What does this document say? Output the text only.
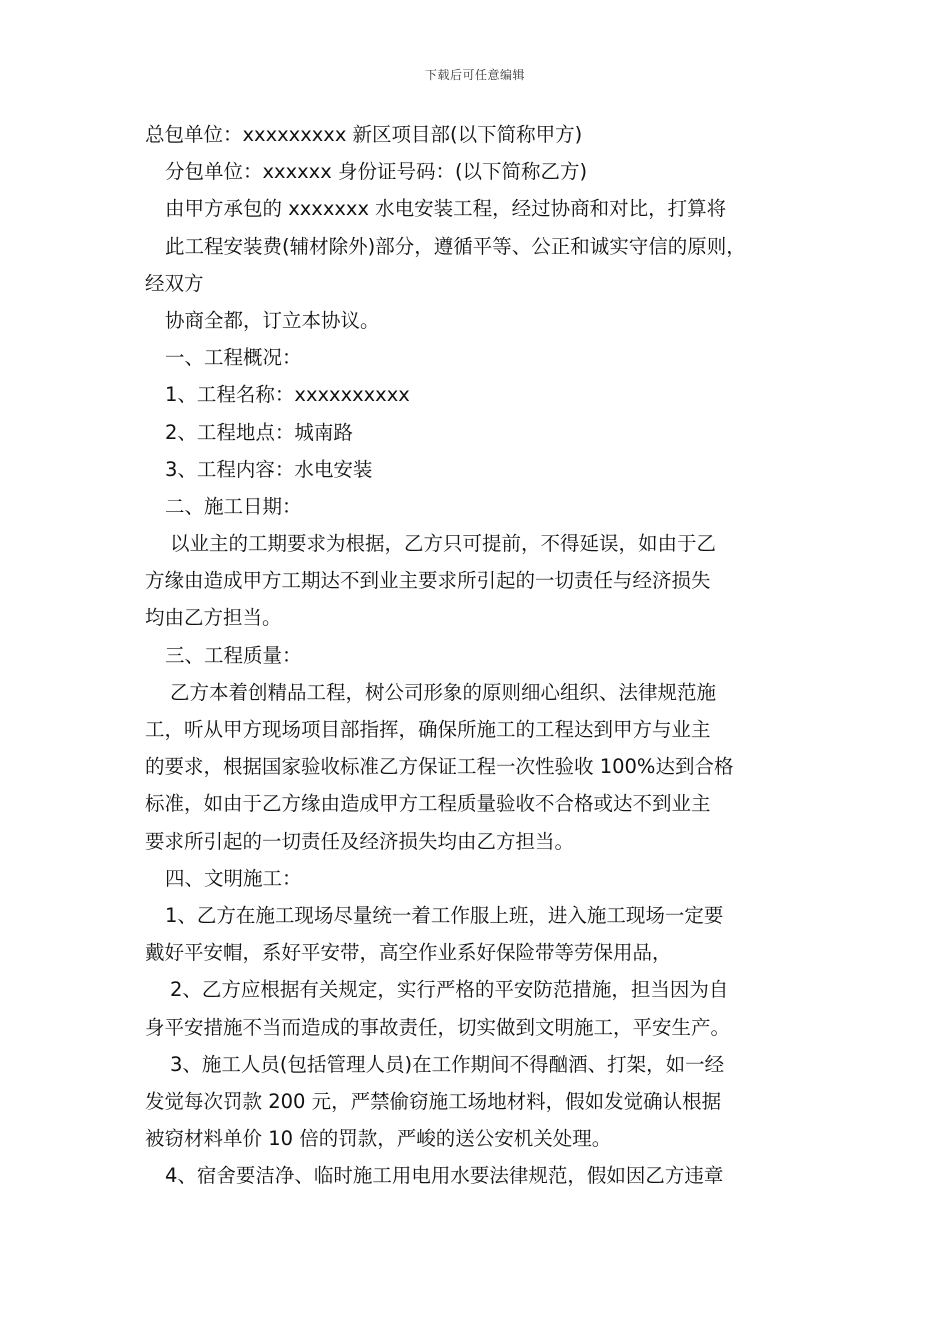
下载后可任意编辑
总包单位：xxxxxxxxx 新区项目部(以下简称甲方)
分包单位：xxxxxx 身份证号码：(以下简称乙方)
由甲方承包的 xxxxxxx 水电安装工程，经过协商和对比，打算将
此工程安装费(辅材除外)部分，遵循平等、公正和诚实守信的原则，
经双方
协商全都，订立本协议。
一、工程概况：
1、工程名称：xxxxxxxxxx
2、工程地点：城南路
3、工程内容：水电安装
二、施工日期：
以业主的工期要求为根据，乙方只可提前，不得延误，如由于乙
方缘由造成甲方工期达不到业主要求所引起的一切责任与经济损失
均由乙方担当。
三、工程质量：
乙方本着创精品工程，树公司形象的原则细心组织、法律规范施
工，听从甲方现场项目部指挥，确保所施工的工程达到甲方与业主
的要求，根据国家验收标准乙方保证工程一次性验收 100%达到合格
标准，如由于乙方缘由造成甲方工程质量验收不合格或达不到业主
要求所引起的一切责任及经济损失均由乙方担当。
四、文明施工：
1、乙方在施工现场尽量统一着工作服上班，进入施工现场一定要
戴好平安帽，系好平安带，高空作业系好保险带等劳保用品，
2、乙方应根据有关规定，实行严格的平安防范措施，担当因为自
身平安措施不当而造成的事故责任，切实做到文明施工，平安生产。
3、施工人员(包括管理人员)在工作期间不得酗酒、打架，如一经
发觉每次罚款 200 元，严禁偷窃施工场地材料，假如发觉确认根据
被窃材料单价 10 倍的罚款，严峻的送公安机关处理。
4、宿舍要洁净、临时施工用电用水要法律规范，假如因乙方违章
